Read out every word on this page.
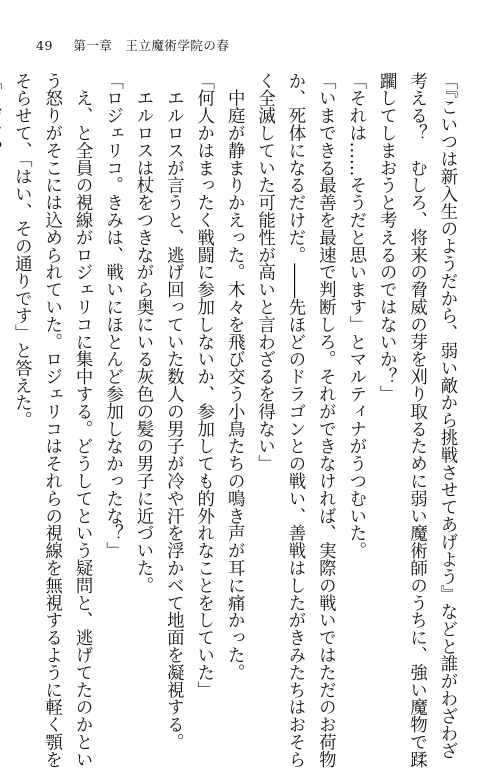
49 第一章　王立魔術学院の春
「『こいつは新入生のようだから、弱い敵から挑戦させてあげよう』などと誰がわざわざ
考える？　むしろ、将来の脅威の芽を刈り取るために弱い魔術師のうちに、強い魔物で蹂
躙してしまおうと考えるのではないか？」
「それは……そうだと思います」とマルティナがうつむいた。
「いまできる最善を最速で判断しろ。それができなければ、実際の戦いではただのお荷物
か、死体になるだけだ。――先ほどのドラゴンとの戦い、善戦はしたがきみたちはおそら
く全滅していた可能性が高いと言わざるを得ない」
　中庭が静まりかえった。木々を飛び交う小鳥たちの鳴き声が耳に痛かった。
「何人かはまったく戦闘に参加しないか、参加しても的外れなことをしていた」
　エルロスが言うと、逃げ回っていた数人の男子が冷や汗を浮かべて地面を凝視する。
　エルロスは杖をつきながら奥にいる灰色の髪の男子に近づいた。
「ロジェリコ。きみは、戦いにほとんど参加しなかったな？」
　え、と全員の視線がロジェリコに集中する。どうしてという疑問と、逃げてたのかとい
う怒りがそこには込められていた。ロジェリコはそれらの視線を無視するように軽く顎を
そらせて、「はい、その通りです」と答えた。
